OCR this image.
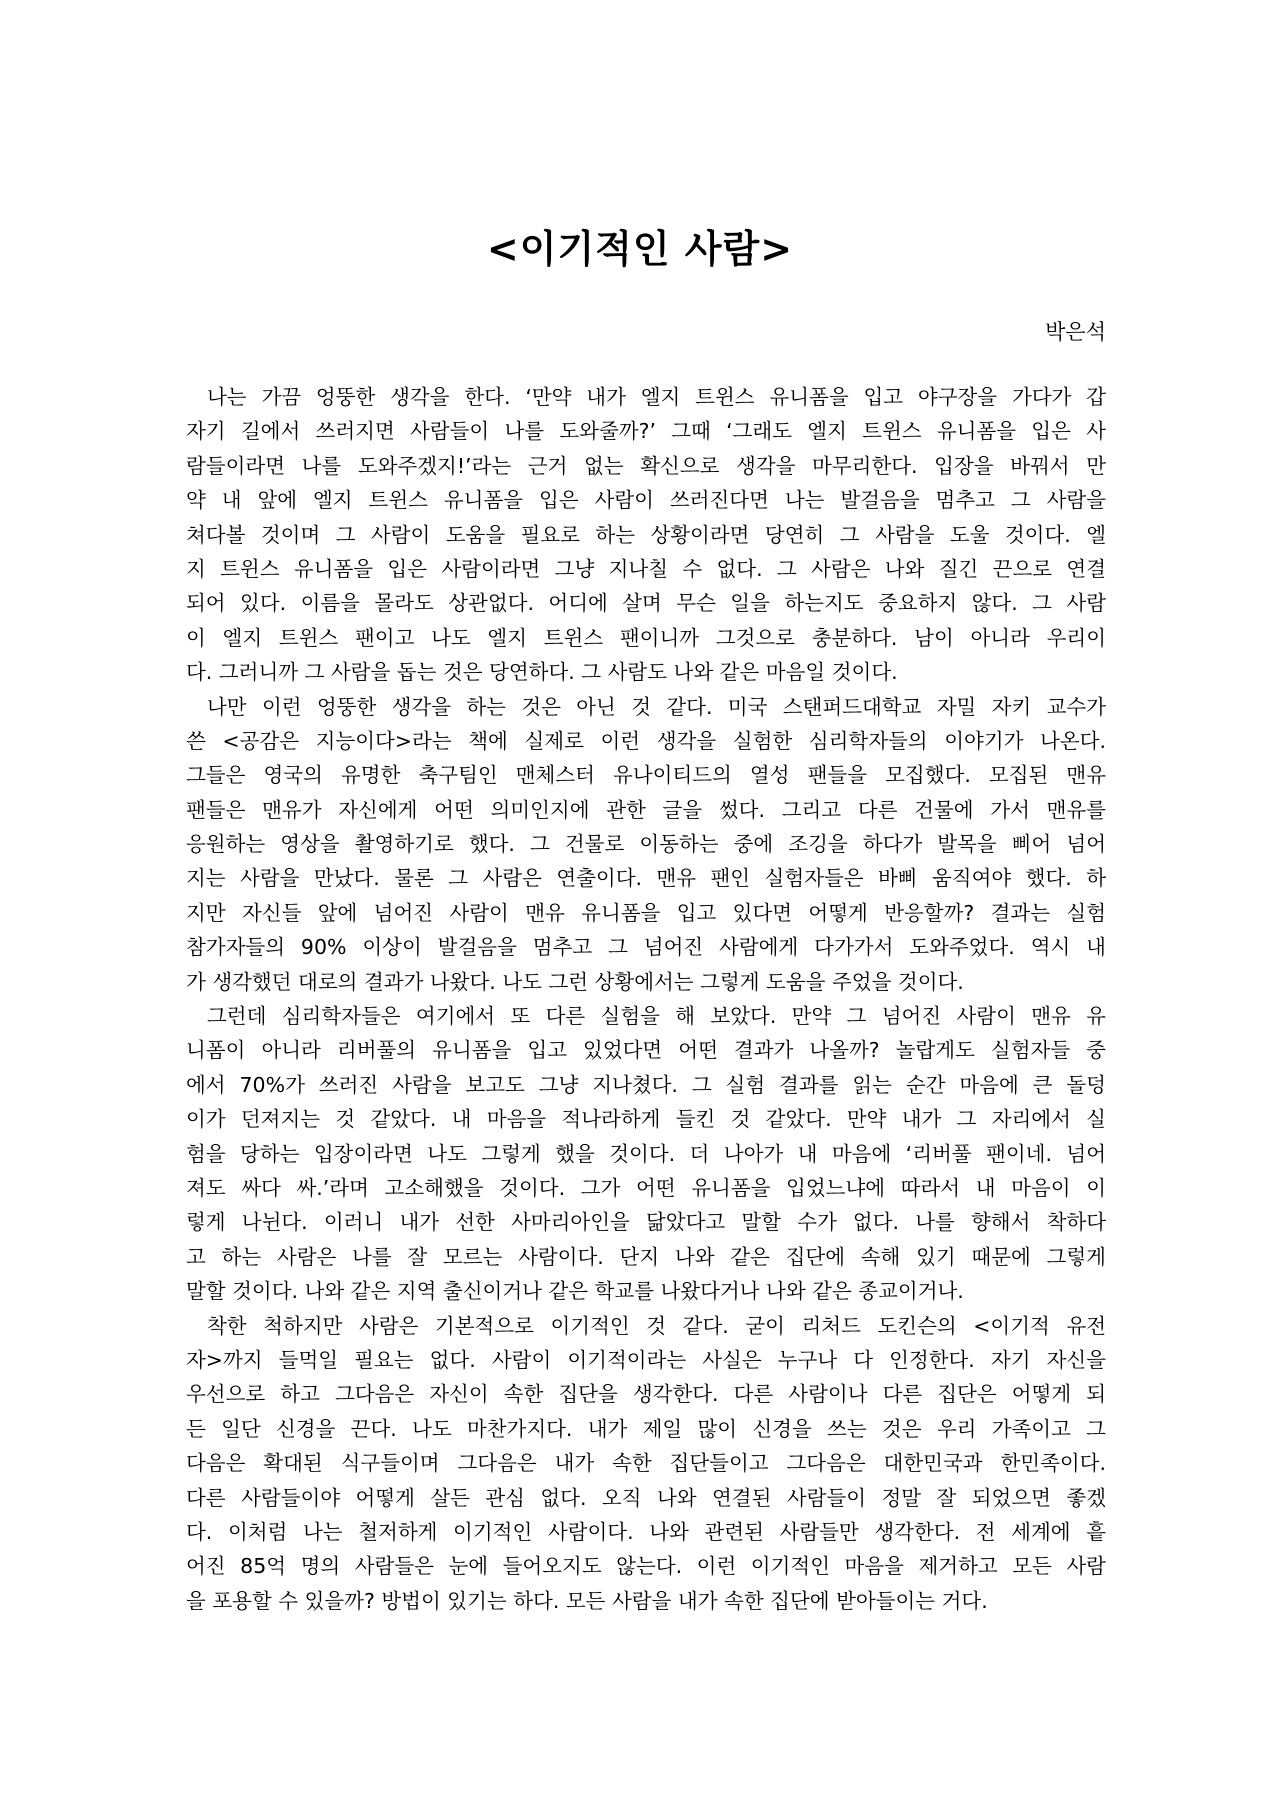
<이기적인 사람>
박은석
나는 가끔 엉뚱한 생각을 한다. ‘만약 내가 엘지 트윈스 유니폼을 입고 야구장을 가다가 갑
자기 길에서 쓰러지면 사람들이 나를 도와줄까?’ 그때 ‘그래도 엘지 트윈스 유니폼을 입은 사
람들이라면 나를 도와주겠지!’라는 근거 없는 확신으로 생각을 마무리한다. 입장을 바꿔서 만
약 내 앞에 엘지 트윈스 유니폼을 입은 사람이 쓰러진다면 나는 발걸음을 멈추고 그 사람을
쳐다볼 것이며 그 사람이 도움을 필요로 하는 상황이라면 당연히 그 사람을 도울 것이다. 엘
지 트윈스 유니폼을 입은 사람이라면 그냥 지나칠 수 없다. 그 사람은 나와 질긴 끈으로 연결
되어 있다. 이름을 몰라도 상관없다. 어디에 살며 무슨 일을 하는지도 중요하지 않다. 그 사람
이 엘지 트윈스 팬이고 나도 엘지 트윈스 팬이니까 그것으로 충분하다. 남이 아니라 우리이
다. 그러니까 그 사람을 돕는 것은 당연하다. 그 사람도 나와 같은 마음일 것이다.
나만 이런 엉뚱한 생각을 하는 것은 아닌 것 같다. 미국 스탠퍼드대학교 자밀 자키 교수가
쓴 <공감은 지능이다>라는 책에 실제로 이런 생각을 실험한 심리학자들의 이야기가 나온다.
그들은 영국의 유명한 축구팀인 맨체스터 유나이티드의 열성 팬들을 모집했다. 모집된 맨유
팬들은 맨유가 자신에게 어떤 의미인지에 관한 글을 썼다. 그리고 다른 건물에 가서 맨유를
응원하는 영상을 촬영하기로 했다. 그 건물로 이동하는 중에 조깅을 하다가 발목을 삐어 넘어
지는 사람을 만났다. 물론 그 사람은 연출이다. 맨유 팬인 실험자들은 바삐 움직여야 했다. 하
지만 자신들 앞에 넘어진 사람이 맨유 유니폼을 입고 있다면 어떻게 반응할까? 결과는 실험
참가자들의 90% 이상이 발걸음을 멈추고 그 넘어진 사람에게 다가가서 도와주었다. 역시 내
가 생각했던 대로의 결과가 나왔다. 나도 그런 상황에서는 그렇게 도움을 주었을 것이다.
그런데 심리학자들은 여기에서 또 다른 실험을 해 보았다. 만약 그 넘어진 사람이 맨유 유
니폼이 아니라 리버풀의 유니폼을 입고 있었다면 어떤 결과가 나올까? 놀랍게도 실험자들 중
에서 70%가 쓰러진 사람을 보고도 그냥 지나쳤다. 그 실험 결과를 읽는 순간 마음에 큰 돌덩
이가 던져지는 것 같았다. 내 마음을 적나라하게 들킨 것 같았다. 만약 내가 그 자리에서 실
험을 당하는 입장이라면 나도 그렇게 했을 것이다. 더 나아가 내 마음에 ‘리버풀 팬이네. 넘어
져도 싸다 싸.’라며 고소해했을 것이다. 그가 어떤 유니폼을 입었느냐에 따라서 내 마음이 이
렇게 나뉜다. 이러니 내가 선한 사마리아인을 닮았다고 말할 수가 없다. 나를 향해서 착하다
고 하는 사람은 나를 잘 모르는 사람이다. 단지 나와 같은 집단에 속해 있기 때문에 그렇게
말할 것이다. 나와 같은 지역 출신이거나 같은 학교를 나왔다거나 나와 같은 종교이거나.
착한 척하지만 사람은 기본적으로 이기적인 것 같다. 굳이 리처드 도킨슨의 <이기적 유전
자>까지 들먹일 필요는 없다. 사람이 이기적이라는 사실은 누구나 다 인정한다. 자기 자신을
우선으로 하고 그다음은 자신이 속한 집단을 생각한다. 다른 사람이나 다른 집단은 어떻게 되
든 일단 신경을 끈다. 나도 마찬가지다. 내가 제일 많이 신경을 쓰는 것은 우리 가족이고 그
다음은 확대된 식구들이며 그다음은 내가 속한 집단들이고 그다음은 대한민국과 한민족이다.
다른 사람들이야 어떻게 살든 관심 없다. 오직 나와 연결된 사람들이 정말 잘 되었으면 좋겠
다. 이처럼 나는 철저하게 이기적인 사람이다. 나와 관련된 사람들만 생각한다. 전 세계에 흩
어진 85억 명의 사람들은 눈에 들어오지도 않는다. 이런 이기적인 마음을 제거하고 모든 사람
을 포용할 수 있을까? 방법이 있기는 하다. 모든 사람을 내가 속한 집단에 받아들이는 거다.
